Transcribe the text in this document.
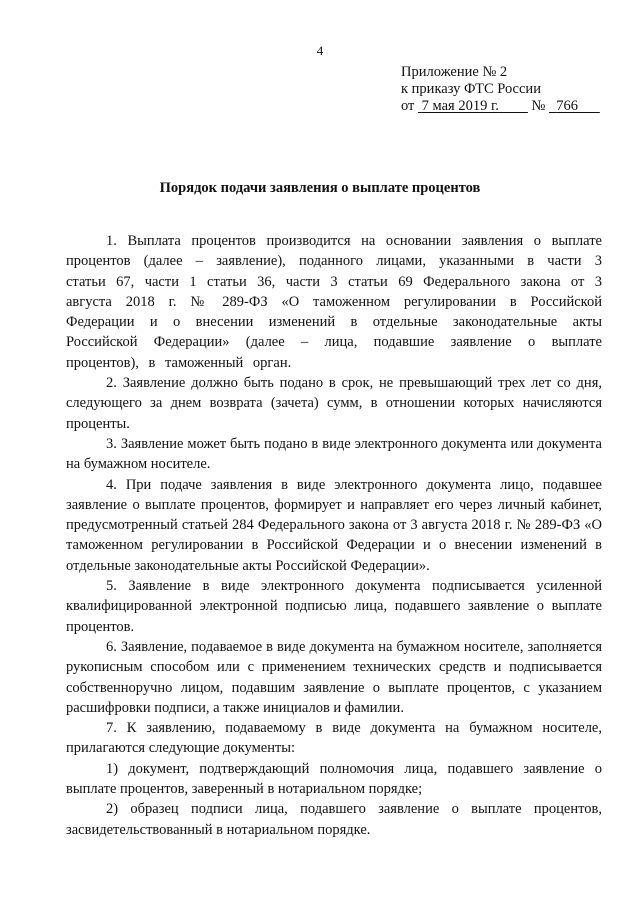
4
Приложение № 2
к приказу ФТС России
от 7 мая 2019 г. № 766
Порядок подачи заявления о выплате процентов

1. Выплата процентов производится на основании заявления о выплате процентов (далее – заявление), поданного лицами, указанными в части 3 статьи 67, части 1 статьи 36, части 3 статьи 69 Федерального закона от 3 августа 2018 г. № 289-ФЗ «О таможенном регулировании в Российской Федерации и о внесении изменений в отдельные законодательные акты Российской Федерации» (далее – лица, подавшие заявление о выплате процентов), в таможенный орган.

2. Заявление должно быть подано в срок, не превышающий трех лет со дня, следующего за днем возврата (зачета) сумм, в отношении которых начисляются проценты.

3. Заявление может быть подано в виде электронного документа или документа на бумажном носителе.

4. При подаче заявления в виде электронного документа лицо, подавшее заявление о выплате процентов, формирует и направляет его через личный кабинет, предусмотренный статьей 284 Федерального закона от 3 августа 2018 г. № 289-ФЗ «О таможенном регулировании в Российской Федерации и о внесении изменений в отдельные законодательные акты Российской Федерации».

5. Заявление в виде электронного документа подписывается усиленной квалифицированной электронной подписью лица, подавшего заявление о выплате процентов.

6. Заявление, подаваемое в виде документа на бумажном носителе, заполняется рукописным способом или с применением технических средств и подписывается собственноручно лицом, подавшим заявление о выплате процентов, с указанием расшифровки подписи, а также инициалов и фамилии.

7. К заявлению, подаваемому в виде документа на бумажном носителе, прилагаются следующие документы:

1) документ, подтверждающий полномочия лица, подавшего заявление о выплате процентов, заверенный в нотариальном порядке;

2) образец подписи лица, подавшего заявление о выплате процентов, засвидетельствованный в нотариальном порядке.
